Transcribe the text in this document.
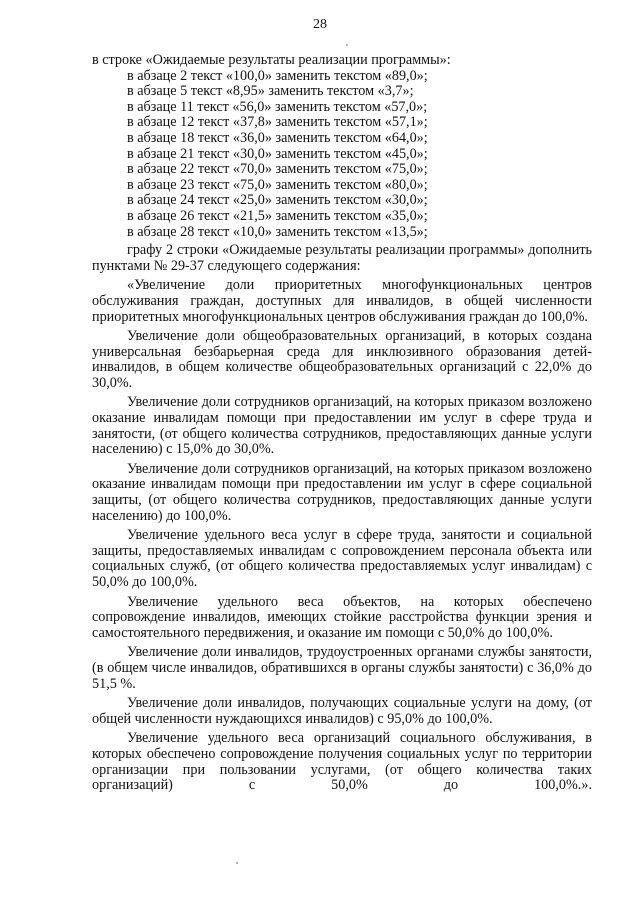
28

в строке «Ожидаемые результаты реализации программы»:

в абзаце 2 текст «100,0» заменить текстом «89,0»;
в абзаце 5 текст «8,95» заменить текстом «3,7»;
в абзаце 11 текст «56,0» заменить текстом «57,0»;
в абзаце 12 текст «37,8» заменить текстом «57,1»;
в абзаце 18 текст «36,0» заменить текстом «64,0»;
в абзаце 21 текст «30,0» заменить текстом «45,0»;
в абзаце 22 текст «70,0» заменить текстом «75,0»;
в абзаце 23 текст «75,0» заменить текстом «80,0»;
в абзаце 24 текст «25,0» заменить текстом «30,0»;
в абзаце 26 текст «21,5» заменить текстом «35,0»;
в абзаце 28 текст «10,0» заменить текстом «13,5»;

графу 2 строки «Ожидаемые результаты реализации программы» дополнить пунктами № 29-37 следующего содержания:

«Увеличение доли приоритетных многофункциональных центров обслуживания граждан, доступных для инвалидов, в общей численности приоритетных многофункциональных центров обслуживания граждан до 100,0%.

Увеличение доли общеобразовательных организаций, в которых создана универсальная безбарьерная среда для инклюзивного образования детей-инвалидов, в общем количестве общеобразовательных организаций с 22,0% до 30,0%.

Увеличение доли сотрудников организаций, на которых приказом возложено оказание инвалидам помощи при предоставлении им услуг в сфере труда и занятости, (от общего количества сотрудников, предоставляющих данные услуги населению) с 15,0% до 30,0%.

Увеличение доли сотрудников организаций, на которых приказом возложено оказание инвалидам помощи при предоставлении им услуг в сфере социальной защиты, (от общего количества сотрудников, предоставляющих данные услуги населению) до 100,0%.

Увеличение удельного веса услуг в сфере труда, занятости и социальной защиты, предоставляемых инвалидам с сопровождением персонала объекта или социальных служб, (от общего количества предоставляемых услуг инвалидам) с 50,0% до 100,0%.

Увеличение удельного веса объектов, на которых обеспечено сопровождение инвалидов, имеющих стойкие расстройства функции зрения и самостоятельного передвижения, и оказание им помощи с 50,0% до 100,0%.

Увеличение доли инвалидов, трудоустроенных органами службы занятости, (в общем числе инвалидов, обратившихся в органы службы занятости) с 36,0% до 51,5 %.

Увеличение доли инвалидов, получающих социальные услуги на дому, (от общей численности нуждающихся инвалидов) с 95,0% до 100,0%.

Увеличение удельного веса организаций социального обслуживания, в которых обеспечено сопровождение получения социальных услуг по территории организации при пользовании услугами, (от общего количества таких организаций) с 50,0% до 100,0%.».
